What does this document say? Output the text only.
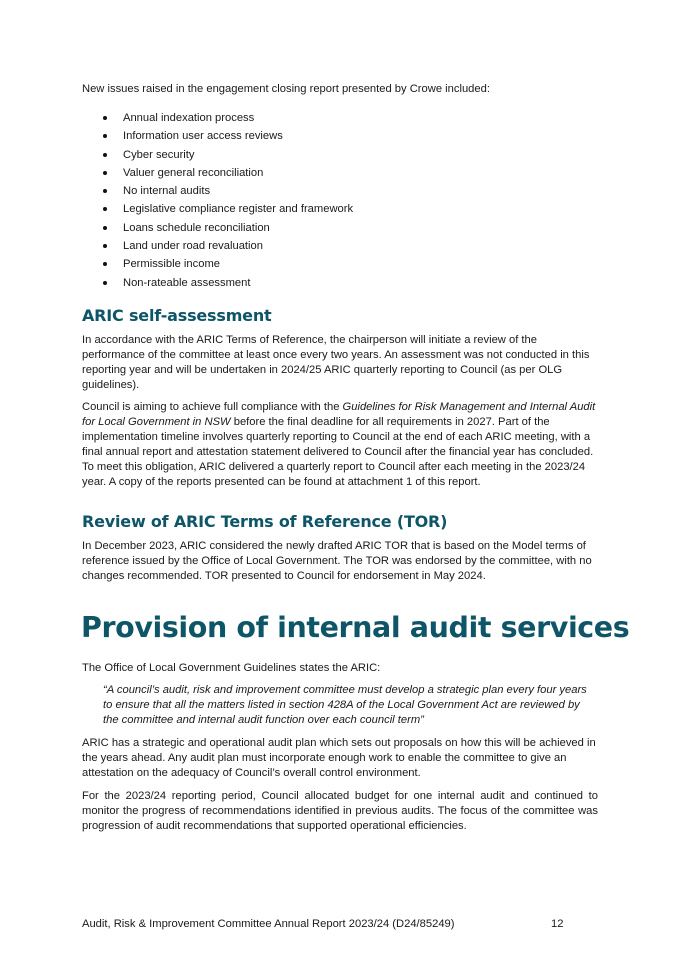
New issues raised in the engagement closing report presented by Crowe included:

Annual indexation process
Information user access reviews
Cyber security
Valuer general reconciliation
No internal audits
Legislative compliance register and framework
Loans schedule reconciliation
Land under road revaluation
Permissible income
Non-rateable assessment
ARIC self-assessment

In accordance with the ARIC Terms of Reference, the chairperson will initiate a review of the performance of the committee at least once every two years. An assessment was not conducted in this reporting year and will be undertaken in 2024/25 ARIC quarterly reporting to Council (as per OLG guidelines).

Council is aiming to achieve full compliance with the Guidelines for Risk Management and Internal Audit for Local Government in NSW before the final deadline for all requirements in 2027. Part of the implementation timeline involves quarterly reporting to Council at the end of each ARIC meeting, with a final annual report and attestation statement delivered to Council after the financial year has concluded. To meet this obligation, ARIC delivered a quarterly report to Council after each meeting in the 2023/24 year. A copy of the reports presented can be found at attachment 1 of this report.

Review of ARIC Terms of Reference (TOR)

In December 2023, ARIC considered the newly drafted ARIC TOR that is based on the Model terms of reference issued by the Office of Local Government. The TOR was endorsed by the committee, with no changes recommended. TOR presented to Council for endorsement in May 2024.

Provision of internal audit services

The Office of Local Government Guidelines states the ARIC:

“A council’s audit, risk and improvement committee must develop a strategic plan every four years to ensure that all the matters listed in section 428A of the Local Government Act are reviewed by the committee and internal audit function over each council term”

ARIC has a strategic and operational audit plan which sets out proposals on how this will be achieved in the years ahead. Any audit plan must incorporate enough work to enable the committee to give an attestation on the adequacy of Council’s overall control environment.

For the 2023/24 reporting period, Council allocated budget for one internal audit and continued to monitor the progress of recommendations identified in previous audits. The focus of the committee was progression of audit recommendations that supported operational efficiencies.

Audit, Risk & Improvement Committee Annual Report 2023/24 (D24/85249)	12
